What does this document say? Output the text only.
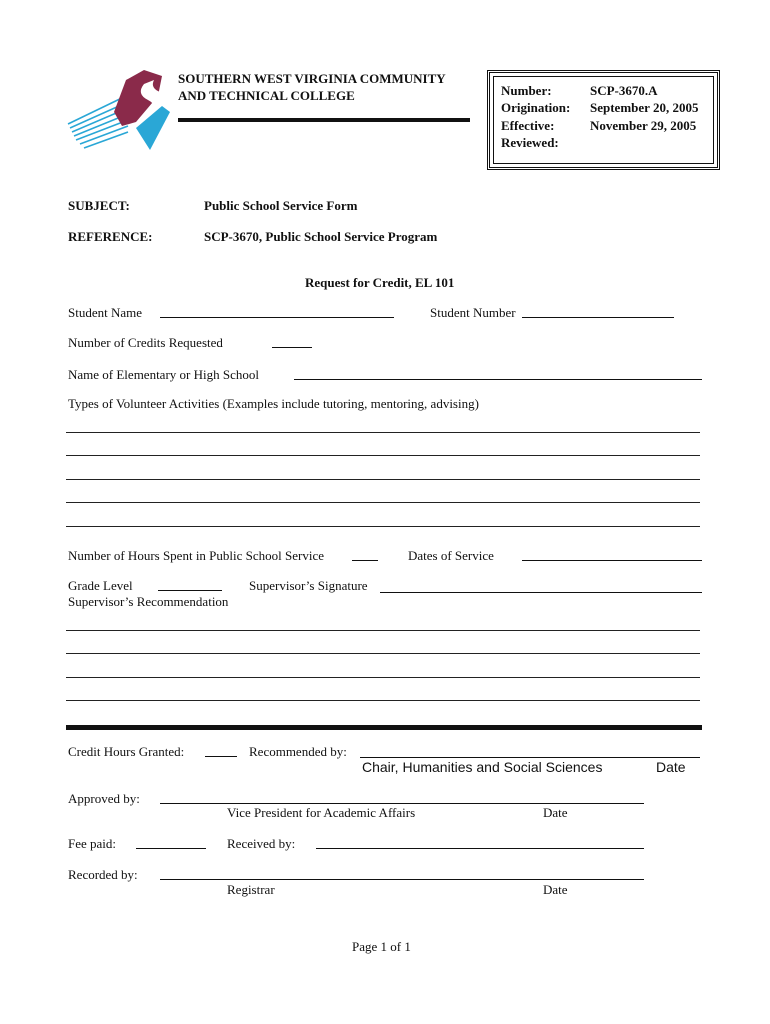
SOUTHERN WEST VIRGINIA COMMUNITY
AND TECHNICAL COLLEGE	Number:	SCP-3670.A
Origination: September 20, 2005
Effective:	November 29, 2005
Reviewed:
SUBJECT:	Public School Service Form
REFERENCE:	SCP-3670, Public School Service Program
Request for Credit, EL 101
Student Name	Student Number
Number of Credits Requested
Name of Elementary or High School
Types of Volunteer Activities (Examples include tutoring, mentoring, advising)
Number of Hours Spent in Public School Service	Dates of Service
Grade Level	Supervisor’s Signature
Supervisor’s Recommendation
Credit Hours Granted:	Recommended by:
Chair, Humanities and Social Sciences	Date
Approved by:
Vice President for Academic Affairs	Date
Fee paid:	Received by:
Recorded by:
Registrar	Date
Page 1 of 1
